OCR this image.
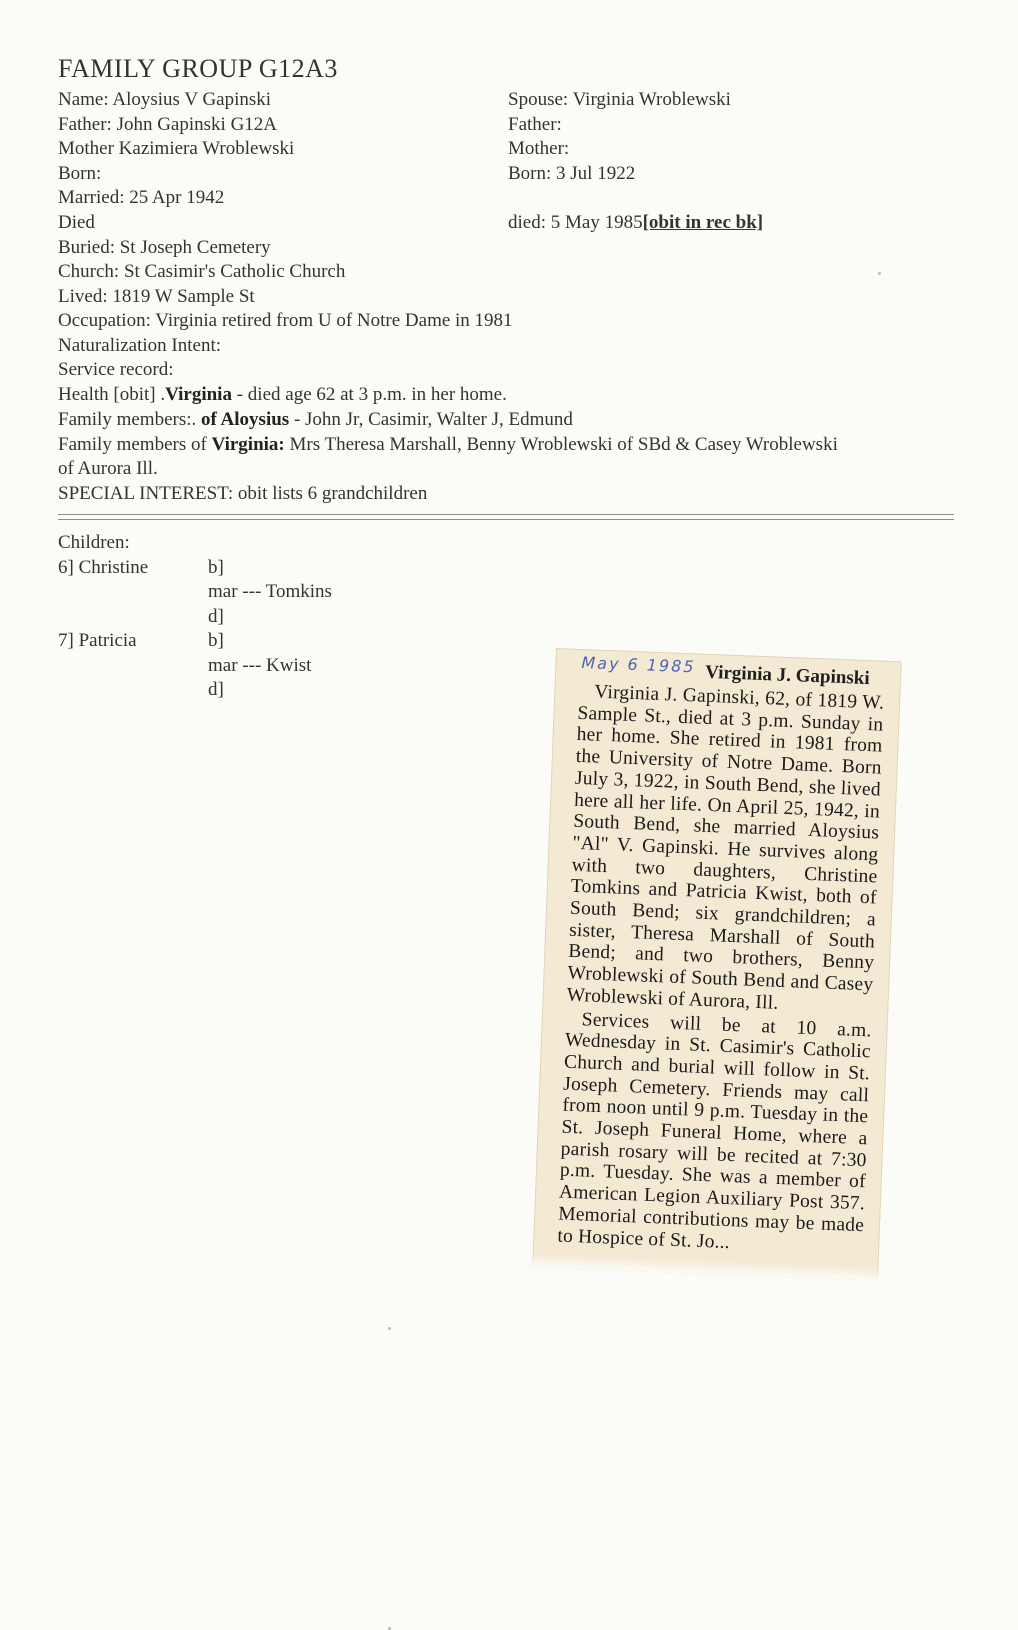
FAMILY GROUP G12A3
Name: Aloysius V Gapinski
Father: John Gapinski G12A
Mother Kazimiera Wroblewski
Born:
Married: 25 Apr 1942
Died
Buried: St Joseph Cemetery
Church: St Casimir's Catholic Church
Lived: 1819 W Sample St
Occupation: Virginia retired from U of Notre Dame in 1981
Naturalization Intent:
Service record:
Health [obit] .Virginia - died age 62 at 3 p.m. in her home.
Family members:. of Aloysius - John Jr, Casimir, Walter J, Edmund
Family members of Virginia: Mrs Theresa Marshall, Benny Wroblewski of SBd & Casey Wroblewski
of Aurora Ill.
SPECIAL INTEREST: obit lists 6 grandchildren
Spouse: Virginia Wroblewski
Father:
Mother:
Born: 3 Jul 1922
died: 5 May 1985[obit in rec bk]
Children:
6] Christine	b]
mar --- Tomkins
d]
7] Patricia	b]
mar --- Kwist
d]
May 6 1985 Virginia J. Gapinski

Virginia J. Gapinski, 62, of 1819 W. Sample St., died at 3 p.m. Sunday in her home. She retired in 1981 from the University of Notre Dame. Born July 3, 1922, in South Bend, she lived here all her life. On April 25, 1942, in South Bend, she married Aloysius "Al" V. Gapinski. He survives along with two daughters, Christine Tomkins and Patricia Kwist, both of South Bend; six grandchildren; a sister, Theresa Marshall of South Bend; and two brothers, Benny Wroblewski of South Bend and Casey Wroblewski of Aurora, Ill.

Services will be at 10 a.m. Wednesday in St. Casimir's Catholic Church and burial will follow in St. Joseph Cemetery. Friends may call from noon until 9 p.m. Tuesday in the St. Joseph Funeral Home, where a parish rosary will be recited at 7:30 p.m. Tuesday. She was a member of American Legion Auxiliary Post 357. Memorial contributions may be made to Hospice of St. Jo...
